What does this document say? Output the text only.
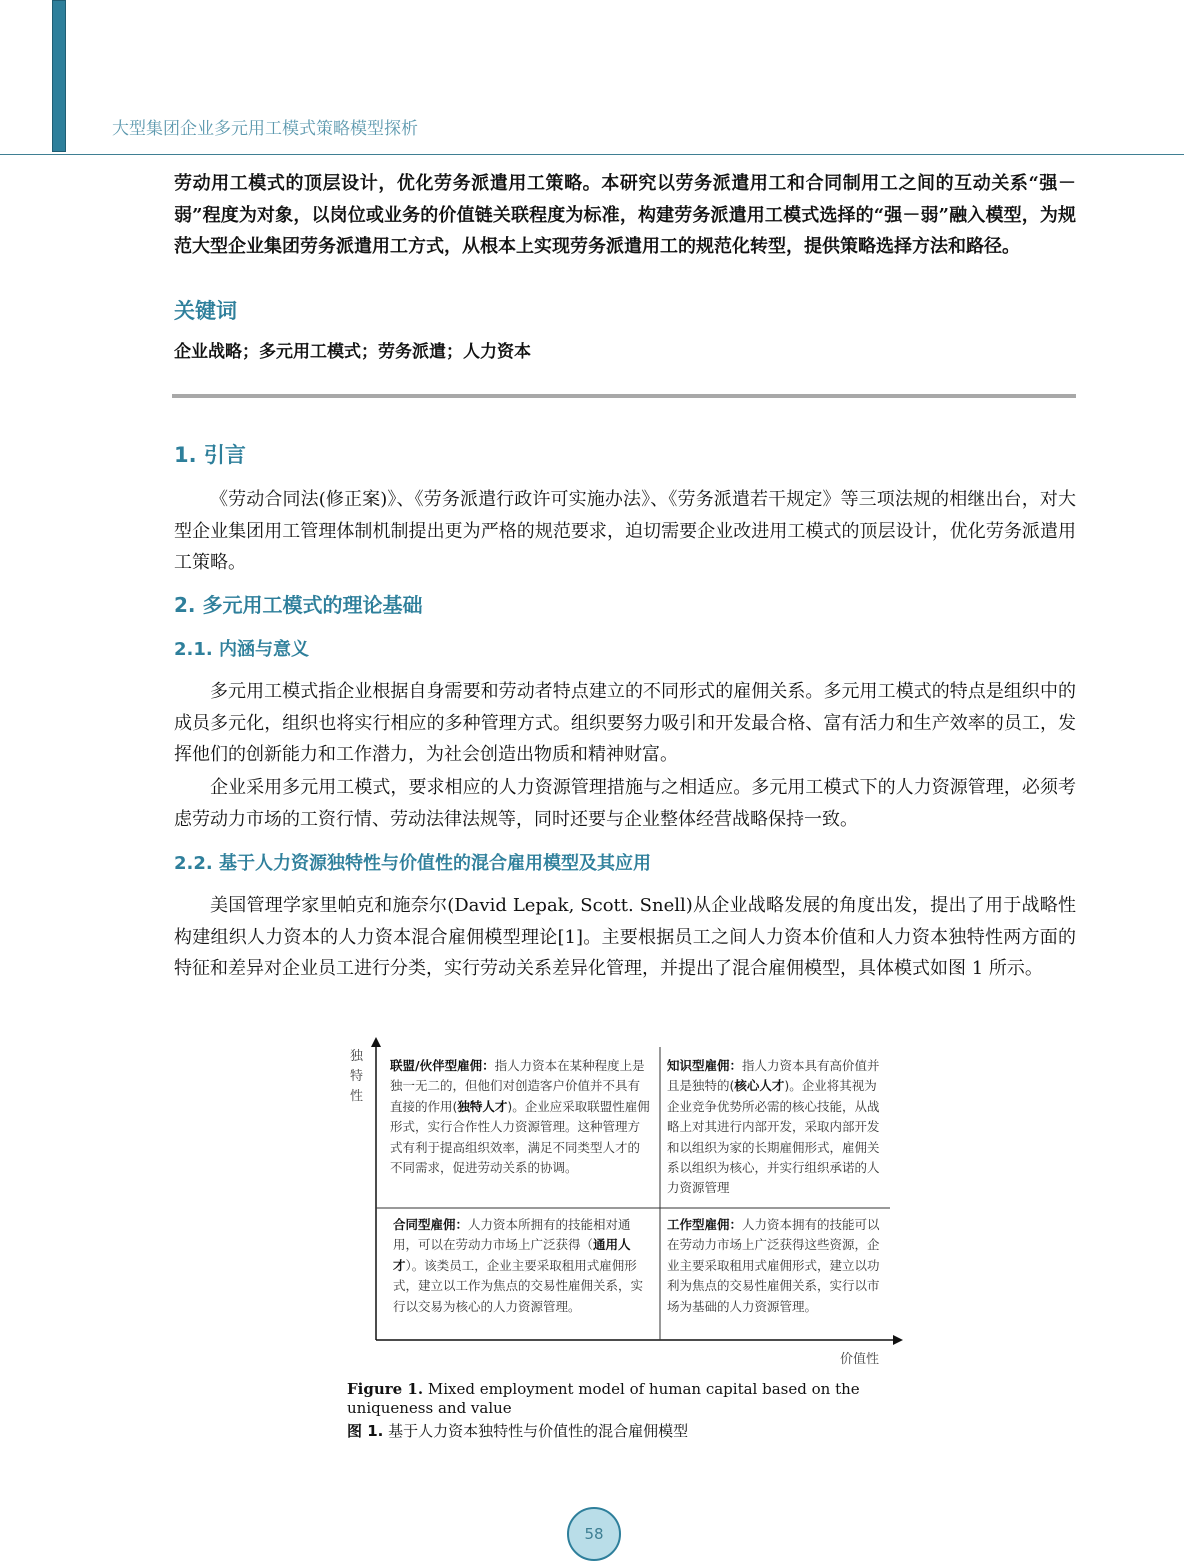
大型集团企业多元用工模式策略模型探析
劳动用工模式的顶层设计，优化劳务派遣用工策略。本研究以劳务派遣用工和合同制用工之间的互动关系“强－弱”程度为对象，以岗位或业务的价值链关联程度为标准，构建劳务派遣用工模式选择的“强－弱”融入模型，为规范大型企业集团劳务派遣用工方式，从根本上实现劳务派遣用工的规范化转型，提供策略选择方法和路径。
关键词
企业战略；多元用工模式；劳务派遣；人力资本
1. 引言
《劳动合同法(修正案)》、《劳务派遣行政许可实施办法》、《劳务派遣若干规定》等三项法规的相继出台，对大型企业集团用工管理体制机制提出更为严格的规范要求，迫切需要企业改进用工模式的顶层设计，优化劳务派遣用工策略。
2. 多元用工模式的理论基础
2.1. 内涵与意义
多元用工模式指企业根据自身需要和劳动者特点建立的不同形式的雇佣关系。多元用工模式的特点是组织中的成员多元化，组织也将实行相应的多种管理方式。组织要努力吸引和开发最合格、富有活力和生产效率的员工，发挥他们的创新能力和工作潜力，为社会创造出物质和精神财富。
企业采用多元用工模式，要求相应的人力资源管理措施与之相适应。多元用工模式下的人力资源管理，必须考虑劳动力市场的工资行情、劳动法律法规等，同时还要与企业整体经营战略保持一致。
2.2. 基于人力资源独特性与价值性的混合雇用模型及其应用
美国管理学家里帕克和施奈尔(David Lepak, Scott. Snell)从企业战略发展的角度出发，提出了用于战略性构建组织人力资本的人力资本混合雇佣模型理论[1]。主要根据员工之间人力资本价值和人力资本独特性两方面的特征和差异对企业员工进行分类，实行劳动关系差异化管理，并提出了混合雇佣模型，具体模式如图 1 所示。
独特性
价值性
联盟/伙伴型雇佣：指人力资本在某种程度上是独一无二的，但他们对创造客户价值并不具有直接的作用(独特人才)。企业应采取联盟性雇佣形式，实行合作性人力资源管理。这种管理方式有利于提高组织效率，满足不同类型人才的不同需求，促进劳动关系的协调。
知识型雇佣：指人力资本具有高价值并且是独特的(核心人才)。企业将其视为企业竞争优势所必需的核心技能，从战略上对其进行内部开发，采取内部开发和以组织为家的长期雇佣形式，雇佣关系以组织为核心，并实行组织承诺的人力资源管理
合同型雇佣：人力资本所拥有的技能相对通用，可以在劳动力市场上广泛获得（通用人才）。该类员工，企业主要采取租用式雇佣形式，建立以工作为焦点的交易性雇佣关系，实行以交易为核心的人力资源管理。
工作型雇佣：人力资本拥有的技能可以在劳动力市场上广泛获得这些资源，企业主要采取租用式雇佣形式，建立以功利为焦点的交易性雇佣关系，实行以市场为基础的人力资源管理。
Figure 1. Mixed employment model of human capital based on the uniqueness and value
图 1. 基于人力资本独特性与价值性的混合雇佣模型
58
